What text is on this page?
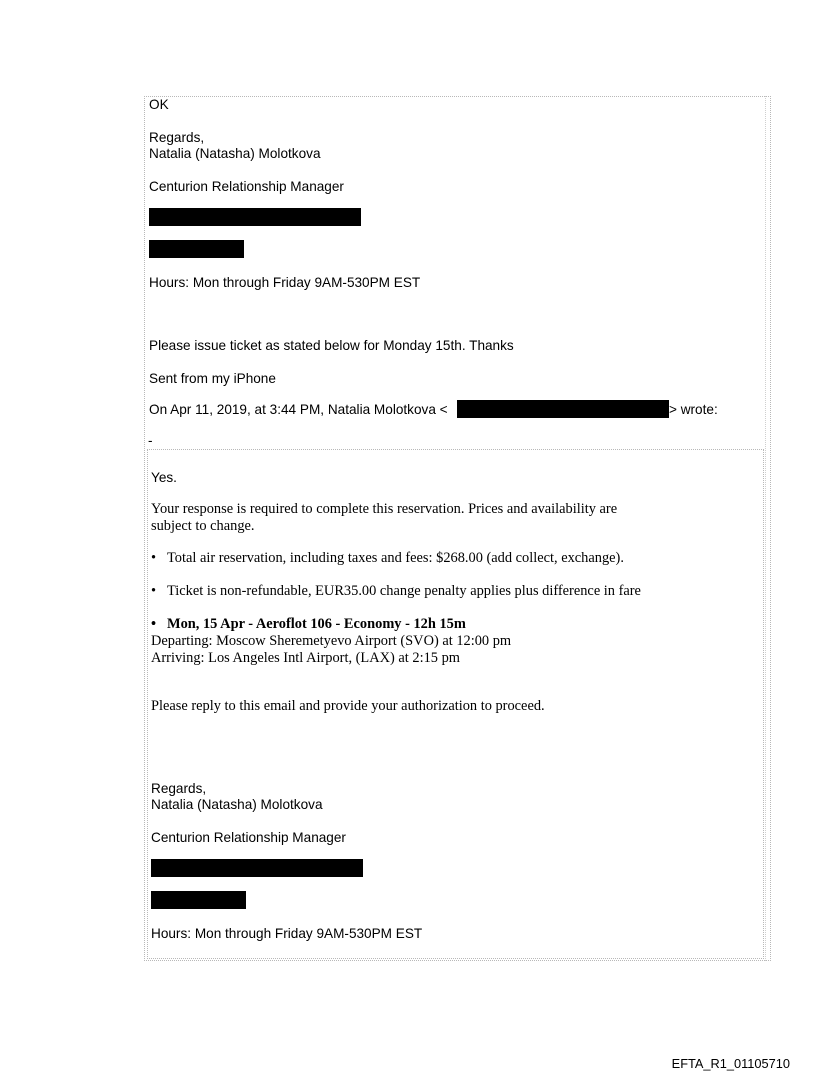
OK
Regards,
Natalia (Natasha) Molotkova
Centurion Relationship Manager
Hours: Mon through Friday 9AM-530PM EST
Please issue ticket as stated below for Monday 15th. Thanks
Sent from my iPhone
On Apr 11, 2019, at 3:44 PM, Natalia Molotkova <	> wrote:
-
Yes.
Your response is required to complete this reservation. Prices and availability are
subject to change.
• Total air reservation, including taxes and fees: $268.00 (add collect, exchange).
• Ticket is non-refundable, EUR35.00 change penalty applies plus difference in fare
• Mon, 15 Apr - Aeroflot 106 - Economy - 12h 15m
Departing: Moscow Sheremetyevo Airport (SVO) at 12:00 pm
Arriving: Los Angeles Intl Airport, (LAX) at 2:15 pm
Please reply to this email and provide your authorization to proceed.
Regards,
Natalia (Natasha) Molotkova
Centurion Relationship Manager
Hours: Mon through Friday 9AM-530PM EST
EFTA_R1_01105710
